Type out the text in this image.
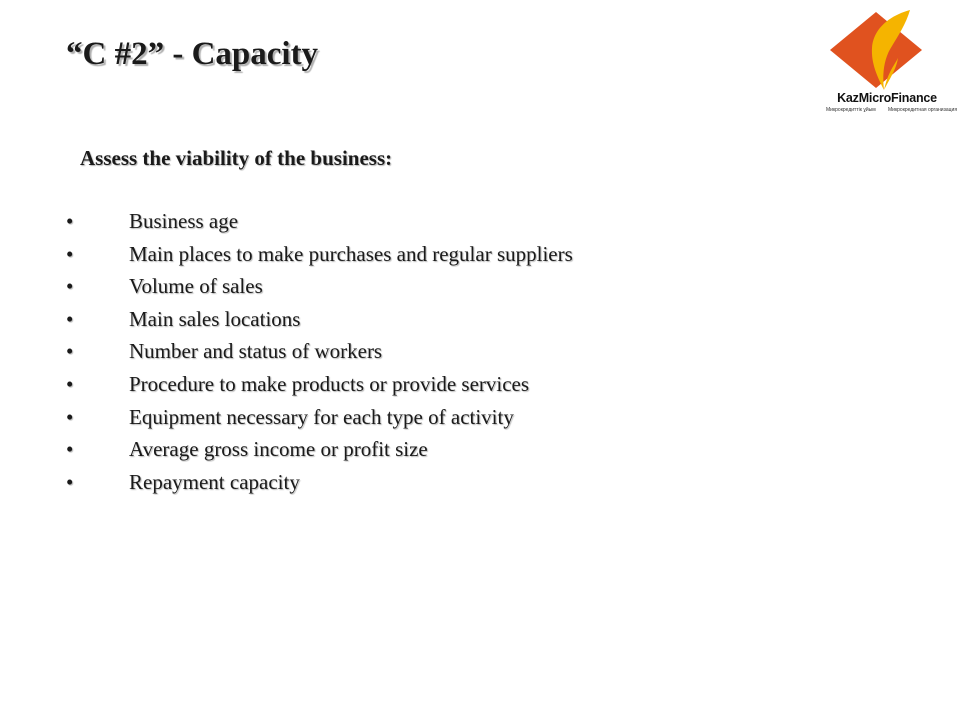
“C #2” - Capacity
KazMicroFinance
Микрокредиттік ұйым Микрокредитная организация
Assess the viability of the business:
•	Business age
•	Main places to make purchases and regular suppliers
•	Volume of sales
•	Main sales locations
•	Number and status of workers
•	Procedure to make products or provide services
•	Equipment necessary for each type of activity
•	Average gross income or profit size
•	Repayment capacity
